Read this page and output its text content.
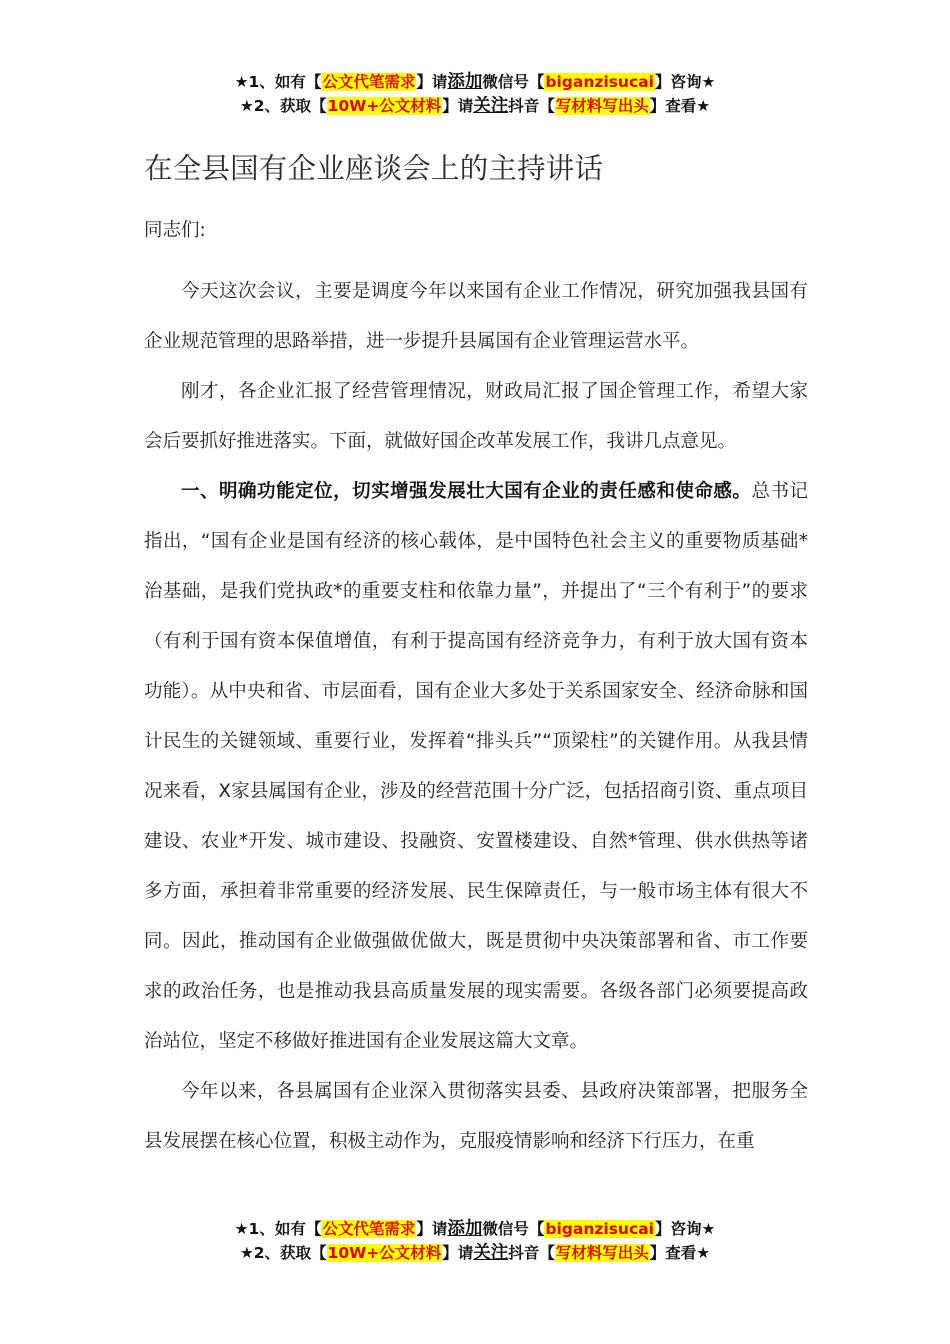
★1、如有【公文代笔需求】请添加微信号【biganzisucai】咨询★
★2、获取【10W+公文材料】请关注抖音【写材料写出头】查看★
在全县国有企业座谈会上的主持讲话
同志们:

今天这次会议，主要是调度今年以来国有企业工作情况，研究加强我县国有企业规范管理的思路举措，进一步提升县属国有企业管理运营水平。

刚才，各企业汇报了经营管理情况，财政局汇报了国企管理工作，希望大家会后要抓好推进落实。下面，就做好国企改革发展工作，我讲几点意见。

一、明确功能定位，切实增强发展壮大国有企业的责任感和使命感。总书记指出，“国有企业是国有经济的核心载体，是中国特色社会主义的重要物质基础*治基础，是我们党执政*的重要支柱和依靠力量”，并提出了“三个有利于”的要求（有利于国有资本保值增值，有利于提高国有经济竞争力，有利于放大国有资本功能）。从中央和省、市层面看，国有企业大多处于关系国家安全、经济命脉和国计民生的关键领域、重要行业，发挥着“排头兵”“顶梁柱”的关键作用。从我县情况来看，X家县属国有企业，涉及的经营范围十分广泛，包括招商引资、重点项目建设、农业*开发、城市建设、投融资、安置楼建设、自然*管理、供水供热等诸多方面，承担着非常重要的经济发展、民生保障责任，与一般市场主体有很大不同。因此，推动国有企业做强做优做大，既是贯彻中央决策部署和省、市工作要求的政治任务，也是推动我县高质量发展的现实需要。各级各部门必须要提高政治站位，坚定不移做好推进国有企业发展这篇大文章。

今年以来，各县属国有企业深入贯彻落实县委、县政府决策部署，把服务全县发展摆在核心位置，积极主动作为，克服疫情影响和经济下行压力，在重

★1、如有【公文代笔需求】请添加微信号【biganzisucai】咨询★
★2、获取【10W+公文材料】请关注抖音【写材料写出头】查看★
